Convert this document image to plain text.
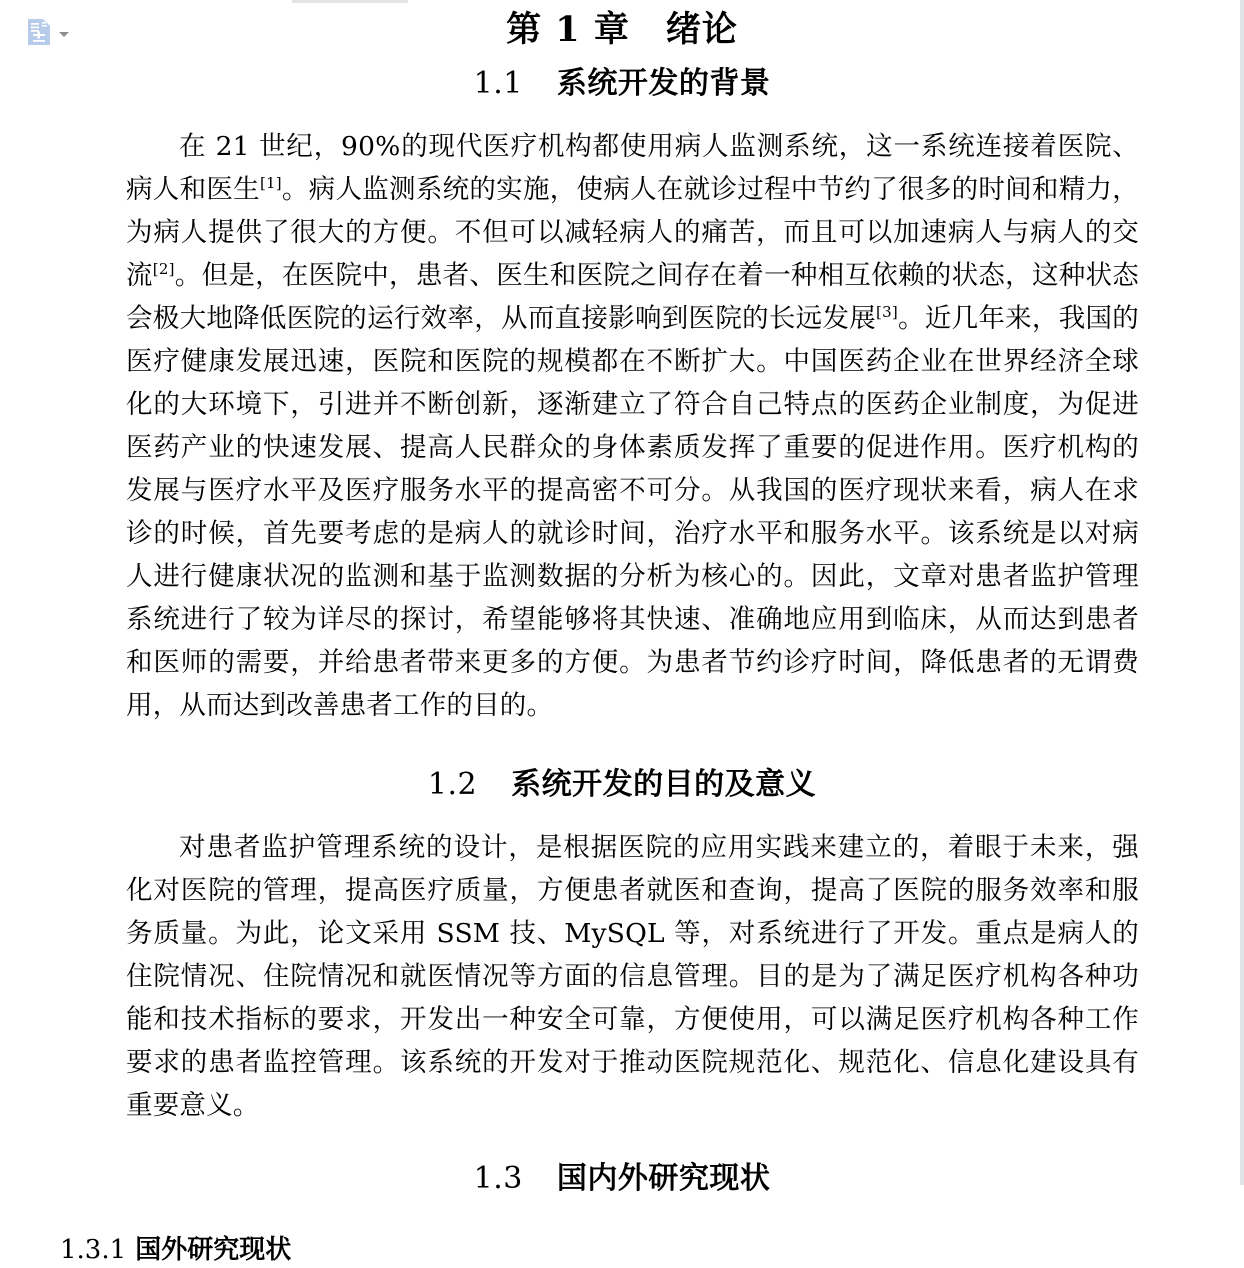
第 1 章　绪论
1.1 系统开发的背景

在 21 世纪，90%的现代医疗机构都使用病人监测系统，这一系统连接着医院、病人和医生[1]。病人监测系统的实施，使病人在就诊过程中节约了很多的时间和精力，为病人提供了很大的方便。不但可以减轻病人的痛苦，而且可以加速病人与病人的交流[2]。但是，在医院中，患者、医生和医院之间存在着一种相互依赖的状态，这种状态会极大地降低医院的运行效率，从而直接影响到医院的长远发展[3]。近几年来，我国的医疗健康发展迅速，医院和医院的规模都在不断扩大。中国医药企业在世界经济全球化的大环境下，引进并不断创新，逐渐建立了符合自己特点的医药企业制度，为促进医药产业的快速发展、提高人民群众的身体素质发挥了重要的促进作用。医疗机构的发展与医疗水平及医疗服务水平的提高密不可分。从我国的医疗现状来看，病人在求诊的时候，首先要考虑的是病人的就诊时间，治疗水平和服务水平。该系统是以对病人进行健康状况的监测和基于监测数据的分析为核心的。因此，文章对患者监护管理系统进行了较为详尽的探讨，希望能够将其快速、准确地应用到临床，从而达到患者和医师的需要，并给患者带来更多的方便。为患者节约诊疗时间，降低患者的无谓费用，从而达到改善患者工作的目的。

1.2 系统开发的目的及意义

对患者监护管理系统的设计，是根据医院的应用实践来建立的，着眼于未来，强化对医院的管理，提高医疗质量，方便患者就医和查询，提高了医院的服务效率和服务质量。为此，论文采用 SSM 技、MySQL 等，对系统进行了开发。重点是病人的住院情况、住院情况和就医情况等方面的信息管理。目的是为了满足医疗机构各种功能和技术指标的要求，开发出一种安全可靠，方便使用，可以满足医疗机构各种工作要求的患者监控管理。该系统的开发对于推动医院规范化、规范化、信息化建设具有重要意义。

1.3 国内外研究现状
1.3.1 国外研究现状
